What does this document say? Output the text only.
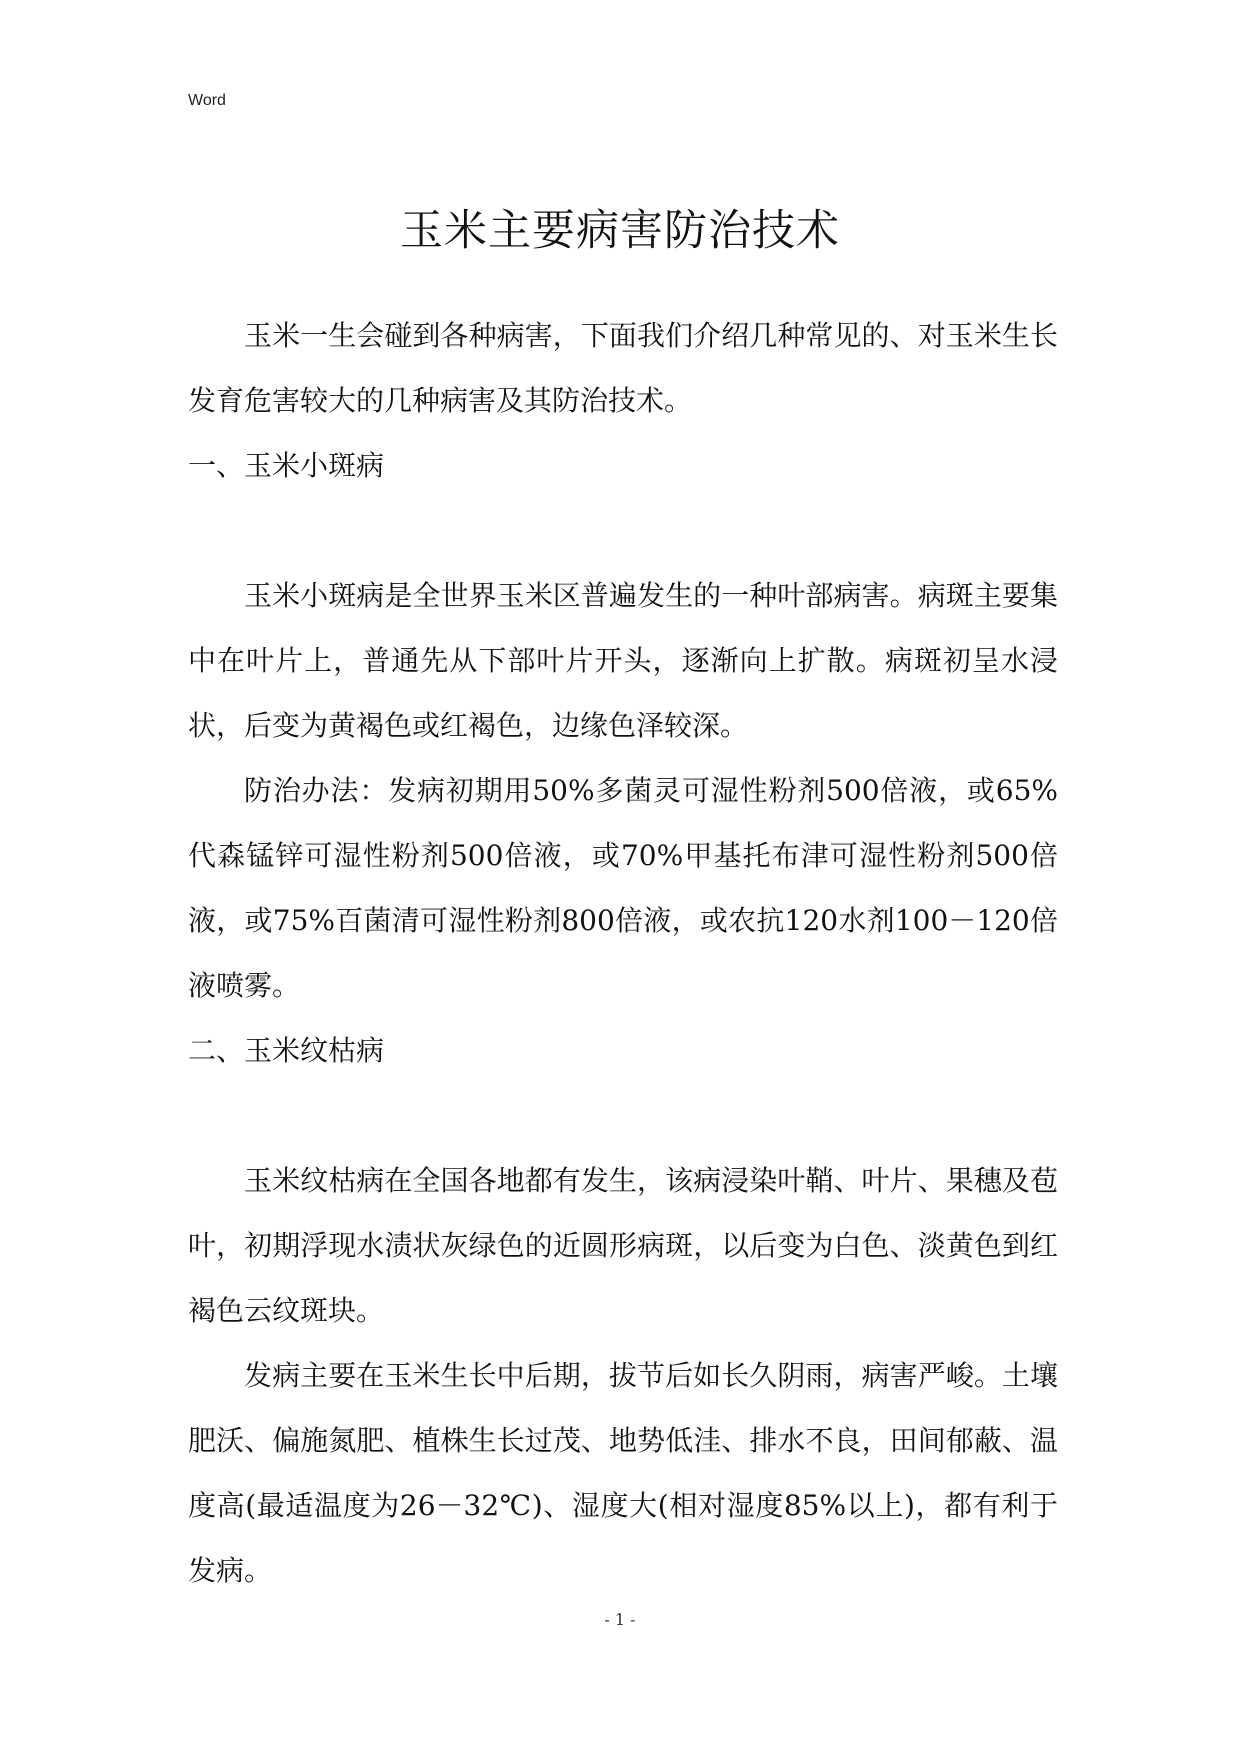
Word
玉米主要病害防治技术

玉米一生会碰到各种病害，下面我们介绍几种常见的、对玉米生长发育危害较大的几种病害及其防治技术。

一、玉米小斑病

玉米小斑病是全世界玉米区普遍发生的一种叶部病害。病斑主要集中在叶片上，普通先从下部叶片开头，逐渐向上扩散。病斑初呈水浸状，后变为黄褐色或红褐色，边缘色泽较深。

防治办法：发病初期用50%多菌灵可湿性粉剂500倍液，或65%代森锰锌可湿性粉剂500倍液，或70%甲基托布津可湿性粉剂500倍液，或75%百菌清可湿性粉剂800倍液，或农抗120水剂100－120倍液喷雾。

二、玉米纹枯病

玉米纹枯病在全国各地都有发生，该病浸染叶鞘、叶片、果穗及苞叶，初期浮现水渍状灰绿色的近圆形病斑，以后变为白色、淡黄色到红褐色云纹斑块。

发病主要在玉米生长中后期，拔节后如长久阴雨，病害严峻。土壤肥沃、偏施氮肥、植株生长过茂、地势低洼、排水不良，田间郁蔽、温度高(最适温度为26－32℃)、湿度大(相对湿度85%以上)，都有利于发病。

- 1 -
